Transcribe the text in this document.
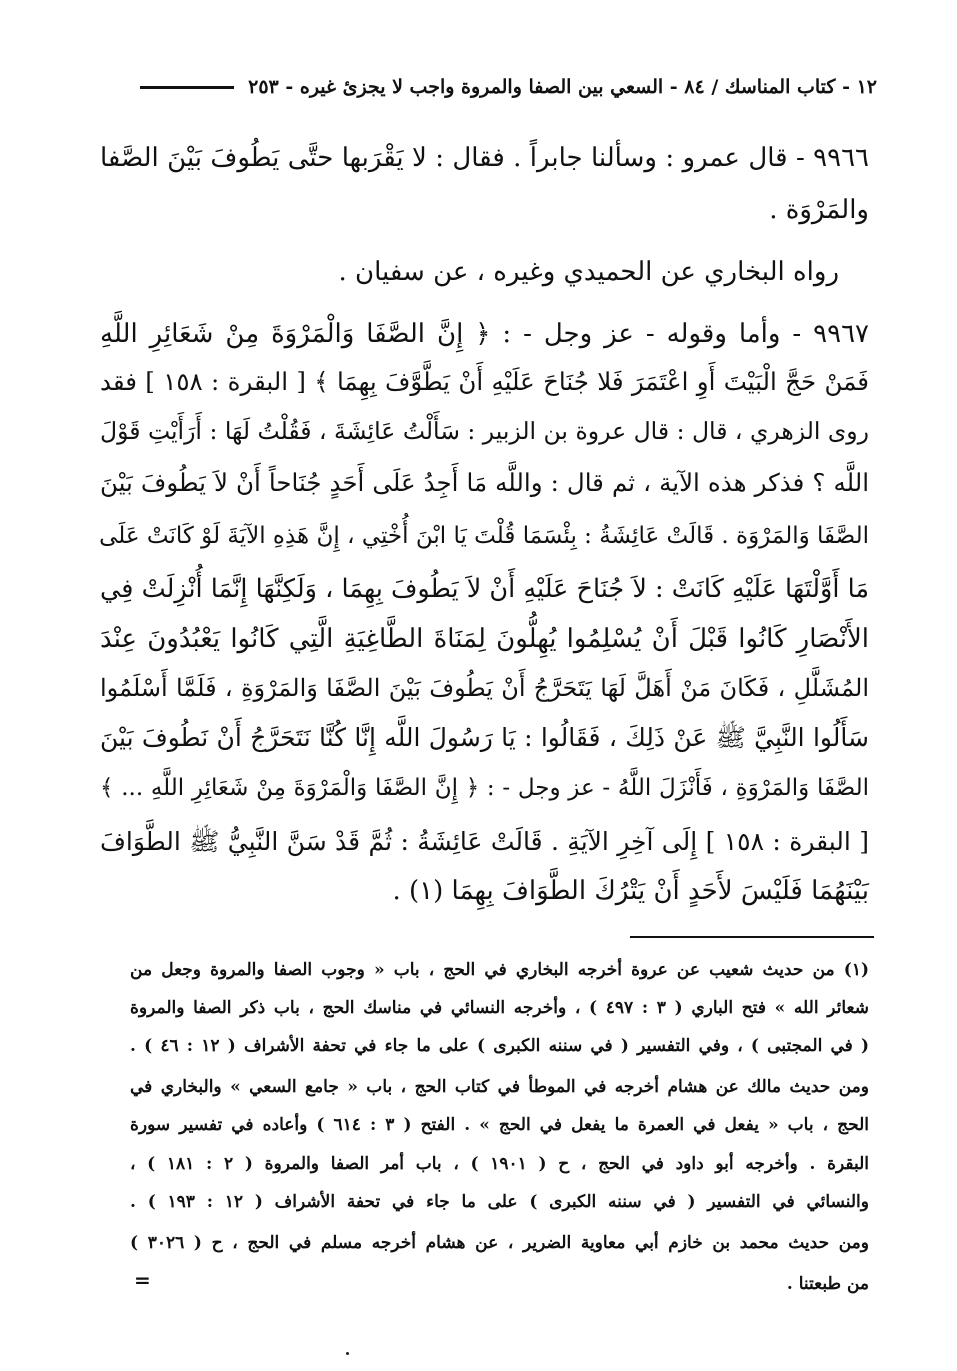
١٢ - كتاب المناسك / ٨٤ - السعي بين الصفا والمروة واجب لا يجزئ غيره - ٢٥٣
٩٩٦٦ - قال عمرو : وسألنا جابراً . فقال : لا يَقْرَبها حتَّى يَطُوفَ بَيْنَ الصَّفا
والمَرْوَة .
رواه البخاري عن الحميدي وغيره ، عن سفيان .
٩٩٦٧ - وأما وقوله - عز وجل - : ﴿ إِنَّ الصَّفَا وَالْمَرْوَةَ مِنْ شَعَائِرِ اللَّهِ
فَمَنْ حَجَّ الْبَيْتَ أَوِ اعْتَمَرَ فَلا جُنَاحَ عَلَيْهِ أَنْ يَطَّوَّفَ بِهِمَا ﴾ [ البقرة : ١٥٨ ] فقد
روى الزهري ، قال : قال عروة بن الزبير : سَأَلْتُ عَائِشَةَ ، فَقُلْتُ لَهَا : أَرَأَيْتِ قَوْلَ
اللَّه ؟ فذكر هذه الآية ، ثم قال : واللَّه مَا أَجِدُ عَلَى أَحَدٍ جُنَاحاً أَنْ لاَ يَطُوفَ بَيْنَ
الصَّفَا وَالمَرْوَة . قَالَتْ عَائِشَةُ : بِئْسَمَا قُلْتَ يَا ابْنَ أُخْتِي ، إِنَّ هَذِهِ الآيَةَ لَوْ كَانَتْ عَلَى
مَا أَوَّلْتَهَا عَلَيْهِ كَانَتْ : لاَ جُنَاحَ عَلَيْهِ أَنْ لاَ يَطُوفَ بِهِمَا ، وَلَكِنَّهَا إِنَّمَا أُنْزِلَتْ فِي
الأَنْصَارِ كَانُوا قَبْلَ أَنْ يُسْلِمُوا يُهِلُّونَ لِمَنَاةَ الطَّاغِيَةِ الَّتِي كَانُوا يَعْبُدُونَ عِنْدَ
المُشَلَّلِ ، فَكَانَ مَنْ أَهَلَّ لَهَا يَتَحَرَّجُ أَنْ يَطُوفَ بَيْنَ الصَّفَا وَالمَرْوَةِ ، فَلَمَّا أَسْلَمُوا
سَأَلُوا النَّبِيَّ ﷺ عَنْ ذَلِكَ ، فَقَالُوا : يَا رَسُولَ اللَّه إِنَّا كُنَّا نَتَحَرَّجُ أَنْ نَطُوفَ بَيْنَ
الصَّفَا وَالمَرْوَةِ ، فَأَنْزَلَ اللَّهُ - عز وجل - : ﴿ إِنَّ الصَّفَا وَالْمَرْوَةَ مِنْ شَعَائِرِ اللَّهِ ... ﴾
[ البقرة : ١٥٨ ] إِلَى آخِرِ الآيَةِ . قَالَتْ عَائِشَةُ : ثُمَّ قَدْ سَنَّ النَّبِيُّ ﷺ الطَّوَافَ
بَيْنَهُمَا فَلَيْسَ لأَحَدٍ أَنْ يَتْرُكَ الطَّوَافَ بِهِمَا (١) .
(١) من حديث شعيب عن عروة أخرجه البخاري في الحج ، باب « وجوب الصفا والمروة وجعل من
شعائر الله » فتح الباري ( ٣ : ٤٩٧ ) ، وأخرجه النسائي في مناسك الحج ، باب ذكر الصفا والمروة
( في المجتبى ) ، وفي التفسير ( في سننه الكبرى ) على ما جاء في تحفة الأشراف ( ١٢ : ٤٦ ) .
ومن حديث مالك عن هشام أخرجه في الموطأ في كتاب الحج ، باب « جامع السعي » والبخاري في
الحج ، باب « يفعل في العمرة ما يفعل في الحج » . الفتح ( ٣ : ٦١٤ ) وأعاده في تفسير سورة
البقرة . وأخرجه أبو داود في الحج ، ح ( ١٩٠١ ) ، باب أمر الصفا والمروة ( ٢ : ١٨١ ) ،
والنسائي في التفسير ( في سننه الكبرى ) على ما جاء في تحفة الأشراف ( ١٢ : ١٩٣ ) .
ومن حديث محمد بن خازم أبي معاوية الضرير ، عن هشام أخرجه مسلم في الحج ، ح ( ٣٠٢٦ )
من طبعتنا .
=
